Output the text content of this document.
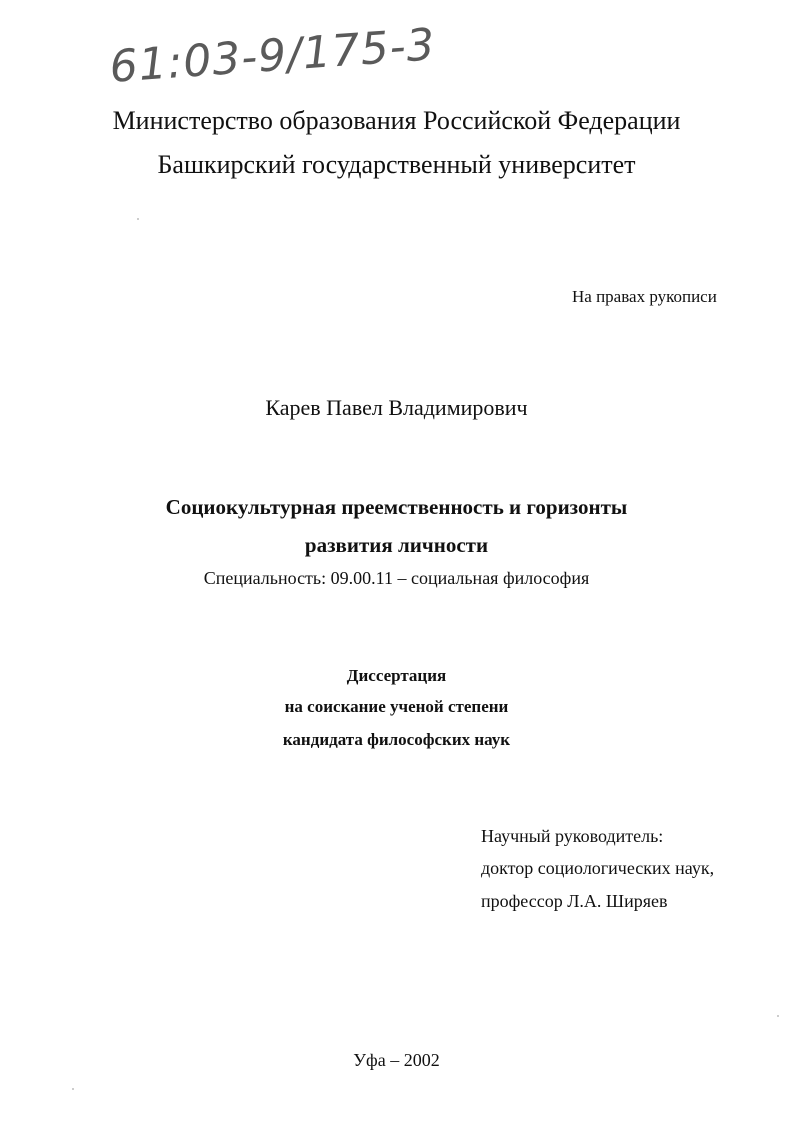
61:03-9/175-3
Министерство образования Российской Федерации
Башкирский государственный университет
На правах рукописи
Карев Павел Владимирович
Социокультурная преемственность и горизонты
развития личности
Специальность: 09.00.11 – социальная философия
Диссертация
на соискание ученой степени
кандидата философских наук
Научный руководитель:
доктор социологических наук,
профессор Л.А. Ширяев
Уфа – 2002
